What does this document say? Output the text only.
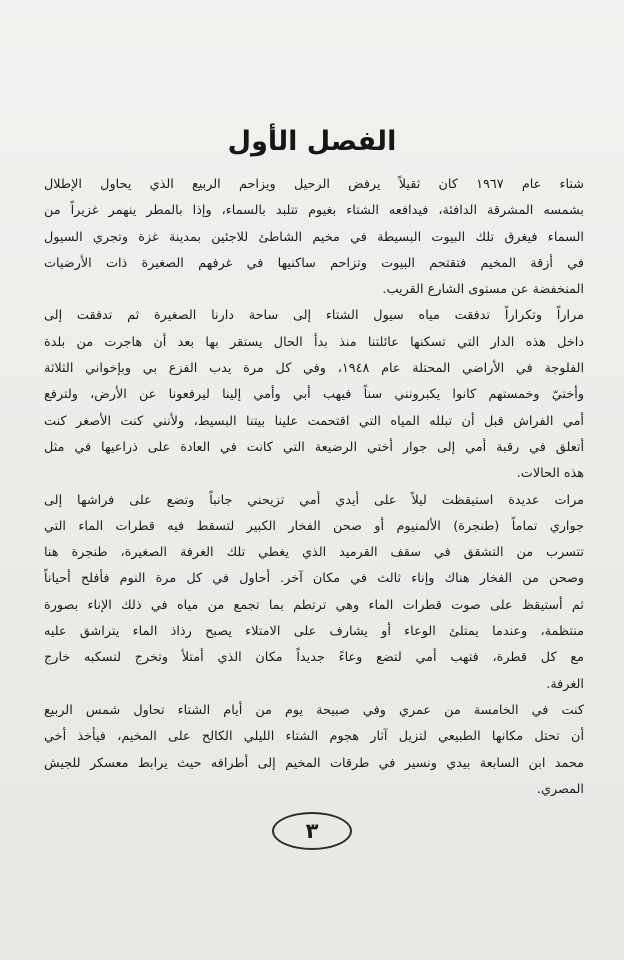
الفصل الأول
شتاء عام ١٩٦٧ كان ثقيلاً يرفض الرحيل ويزاحم الربيع الذي يحاول الإطلال
بشمسه المشرقة الدافئة، فيدافعه الشتاء بغيوم تتلبد بالسماء، وإذا بالمطر ينهمر غزيراً من
السماء فيغرق تلك البيوت البسيطة في مخيم الشاطئ للاجئين بمدينة غزة وتجري السيول
في أزقة المخيم فتقتحم البيوت وتزاحم ساكنيها في غرفهم الصغيرة ذات الأرضيات
المنخفضة عن مستوى الشارع القريب.
مراراً وتكراراً تدفقت مياه سيول الشتاء إلى ساحة دارنا الصغيرة ثم تدفقت إلى
داخل هذه الدار التي تسكنها عائلتنا منذ بدأ الحال يستقر بها بعد أن هاجرت من بلدة
الفلوجة في الأراضي المحتلة عام ١٩٤٨، وفي كل مرة يدب الفزع بي وبإخواني الثلاثة
وأختيّ وخمستهم كانوا يكبرونني سناً فيهب أبي وأمي إلينا ليرفعونا عن الأرض، ولترفع
أمي الفراش قبل أن تبلله المياه التي اقتحمت علينا بيتنا البسيط، ولأنني كنت الأصغر كنت
أتعلق في رقبة أمي إلى جوار أختي الرضيعة التي كانت في العادة على ذراعيها في مثل
هذه الحالات.
مرات عديدة استيقظت ليلاً على أيدي أمي تزيحني جانباً وتضع على فراشها إلى
جواري تماماً (طنجرة) الألمنيوم أو صحن الفخار الكبير لتسقط فيه قطرات الماء التي
تتسرب من التشقق في سقف القرميد الذي يغطي تلك الغرفة الصغيرة، طنجرة هنا
وصحن من الفخار هناك وإناء ثالث في مكان آخر. أحاول في كل مرة النوم فأفلح أحياناً
ثم أستيقظ على صوت قطرات الماء وهي ترتطم بما تجمع من مياه في ذلك الإناء بصورة
منتظمة، وعندما يمتلئ الوعاء أو يشارف على الامتلاء يصبح رذاذ الماء يتراشق عليه
مع كل قطرة، فتهب أمي لتضع وعاءً جديداً مكان الذي أمتلأ وتخرج لتسكبه خارج
الغرفة.
كنت في الخامسة من عمري وفي صبيحة يوم من أيام الشتاء تحاول شمس الربيع
أن تحتل مكانها الطبيعي لتزيل آثار هجوم الشتاء الليلي الكالح على المخيم، فيأخذ أخي
محمد ابن السابعة بيدي ونسير في طرقات المخيم إلى أطرافه حيث يرابط معسكر للجيش
المصري.
٣
